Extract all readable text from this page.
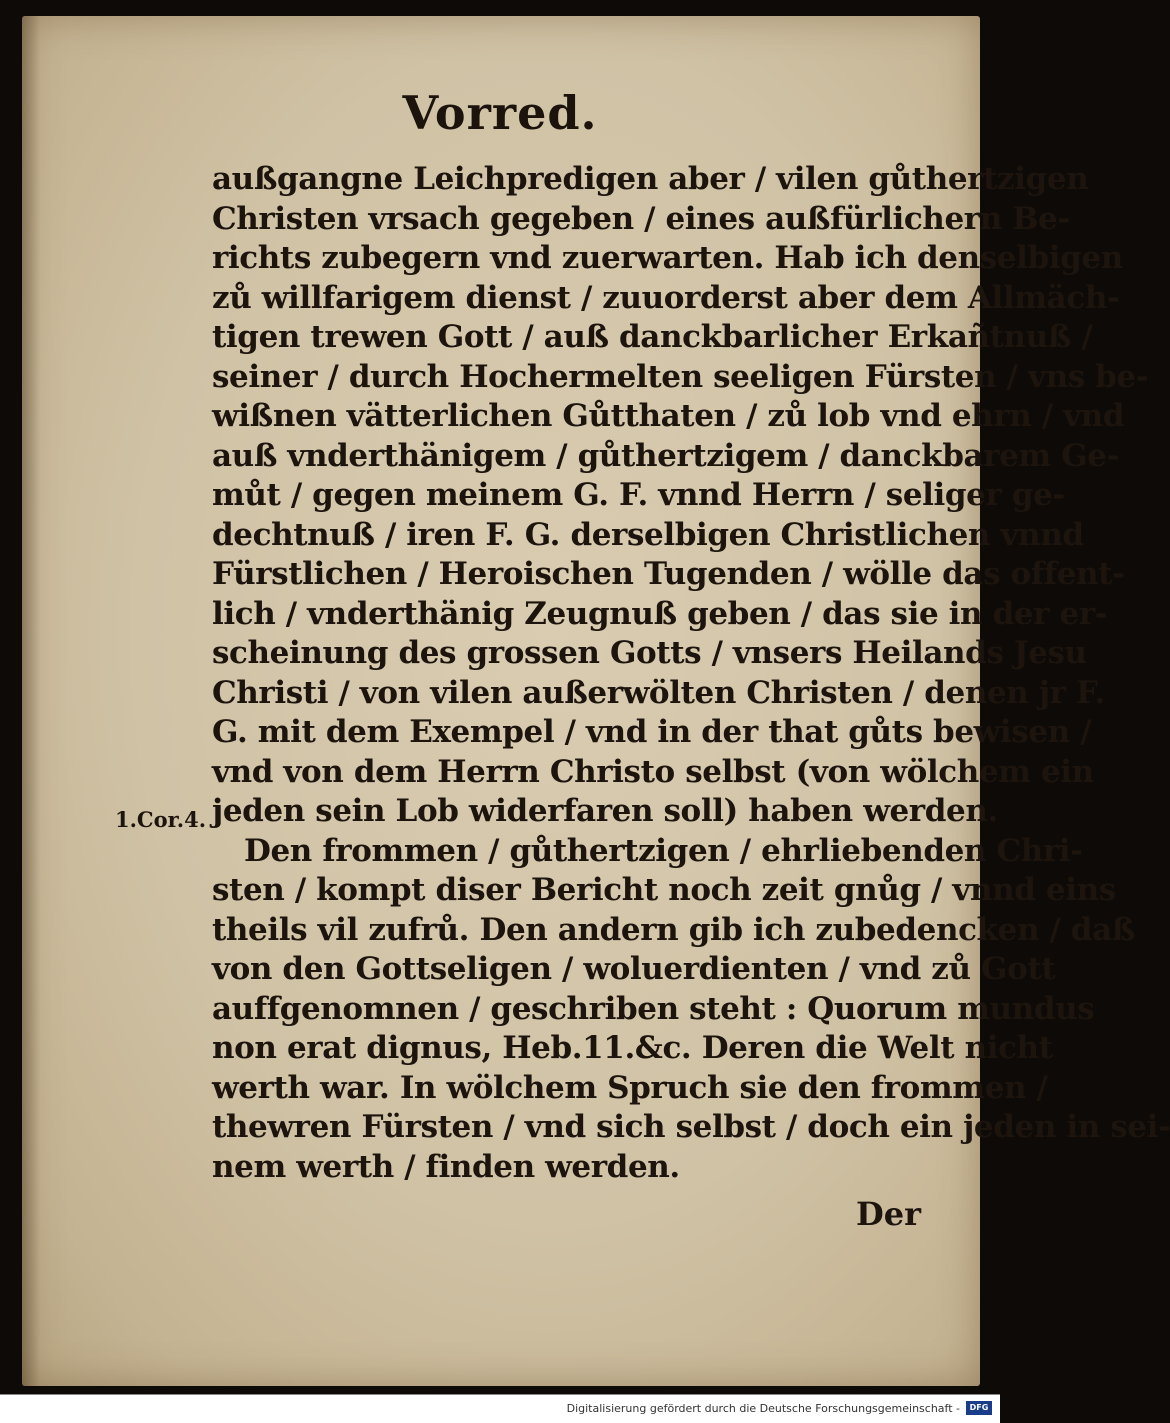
Vorred.
außgangne Leichpredigen aber / vilen gůthertzigen
Christen vrsach gegeben / eines außfürlichern Be-
richts zubegern vnd zuerwarten. Hab ich denselbigen
zů willfarigem dienst / zuuorderst aber dem Allmäch-
tigen trewen Gott / auß danckbarlicher Erkañtnuß /
seiner / durch Hochermelten seeligen Fürsten / vns be-
wißnen vätterlichen Gůtthaten / zů lob vnd ehrn / vnd
auß vnderthänigem / gůthertzigem / danckbarem Ge-
můt / gegen meinem G. F. vnnd Herrn / seliger ge-
dechtnuß / iren F. G. derselbigen Christlichen vnnd
Fürstlichen / Heroischen Tugenden / wölle das offent-
lich / vnderthänig Zeugnuß geben / das sie in der er-
scheinung des grossen Gotts / vnsers Heilands Jesu
Christi / von vilen außerwölten Christen / denen jr F.
G. mit dem Exempel / vnd in der that gůts bewisen /
vnd von dem Herrn Christo selbst (von wölchem ein
jeden sein Lob widerfaren soll) haben werden.
Den frommen / gůthertzigen / ehrliebenden Chri-
sten / kompt diser Bericht noch zeit gnůg / vnnd eins
theils vil zufrů. Den andern gib ich zubedencken / daß
von den Gottseligen / woluerdienten / vnd zů Gott
auffgenomnen / geschriben steht : Quorum mundus
non erat dignus, Heb.11.&c. Deren die Welt nicht
werth war. In wölchem Spruch sie den frommen /
thewren Fürsten / vnd sich selbst / doch ein jeden in sei-
nem werth / finden werden.
1.Cor.4.
Der
Digitalisierung gefördert durch die Deutsche Forschungsgemeinschaft -	DFG
